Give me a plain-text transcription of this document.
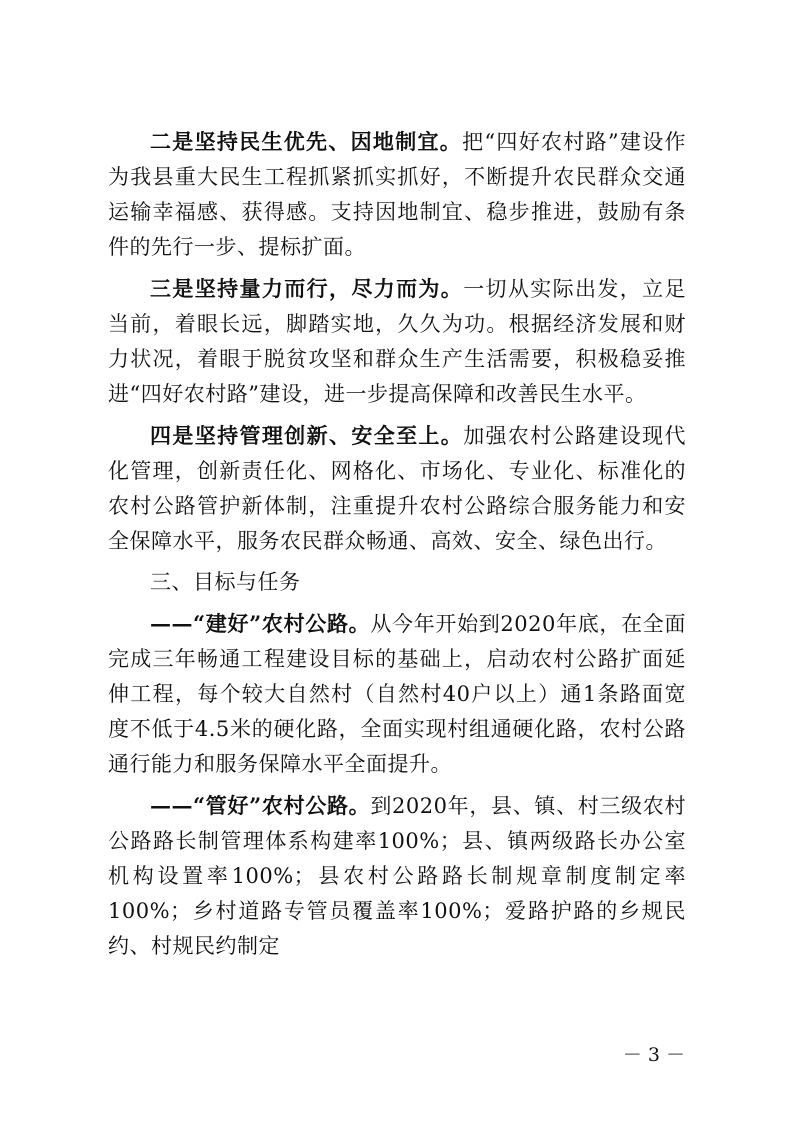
二是坚持民生优先、因地制宜。把“四好农村路”建设作为我县重大民生工程抓紧抓实抓好，不断提升农民群众交通运输幸福感、获得感。支持因地制宜、稳步推进，鼓励有条件的先行一步、提标扩面。

三是坚持量力而行，尽力而为。一切从实际出发，立足当前，着眼长远，脚踏实地，久久为功。根据经济发展和财力状况，着眼于脱贫攻坚和群众生产生活需要，积极稳妥推进“四好农村路”建设，进一步提高保障和改善民生水平。

四是坚持管理创新、安全至上。加强农村公路建设现代化管理，创新责任化、网格化、市场化、专业化、标准化的农村公路管护新体制，注重提升农村公路综合服务能力和安全保障水平，服务农民群众畅通、高效、安全、绿色出行。

三、目标与任务

——“建好”农村公路。从今年开始到2020年底，在全面完成三年畅通工程建设目标的基础上，启动农村公路扩面延伸工程，每个较大自然村（自然村40户以上）通1条路面宽度不低于4.5米的硬化路，全面实现村组通硬化路，农村公路通行能力和服务保障水平全面提升。

——“管好”农村公路。到2020年，县、镇、村三级农村公路路长制管理体系构建率100%；县、镇两级路长办公室机构设置率100%；县农村公路路长制规章制度制定率100%；乡村道路专管员覆盖率100%；爱路护路的乡规民约、村规民约制定

－ 3 －
